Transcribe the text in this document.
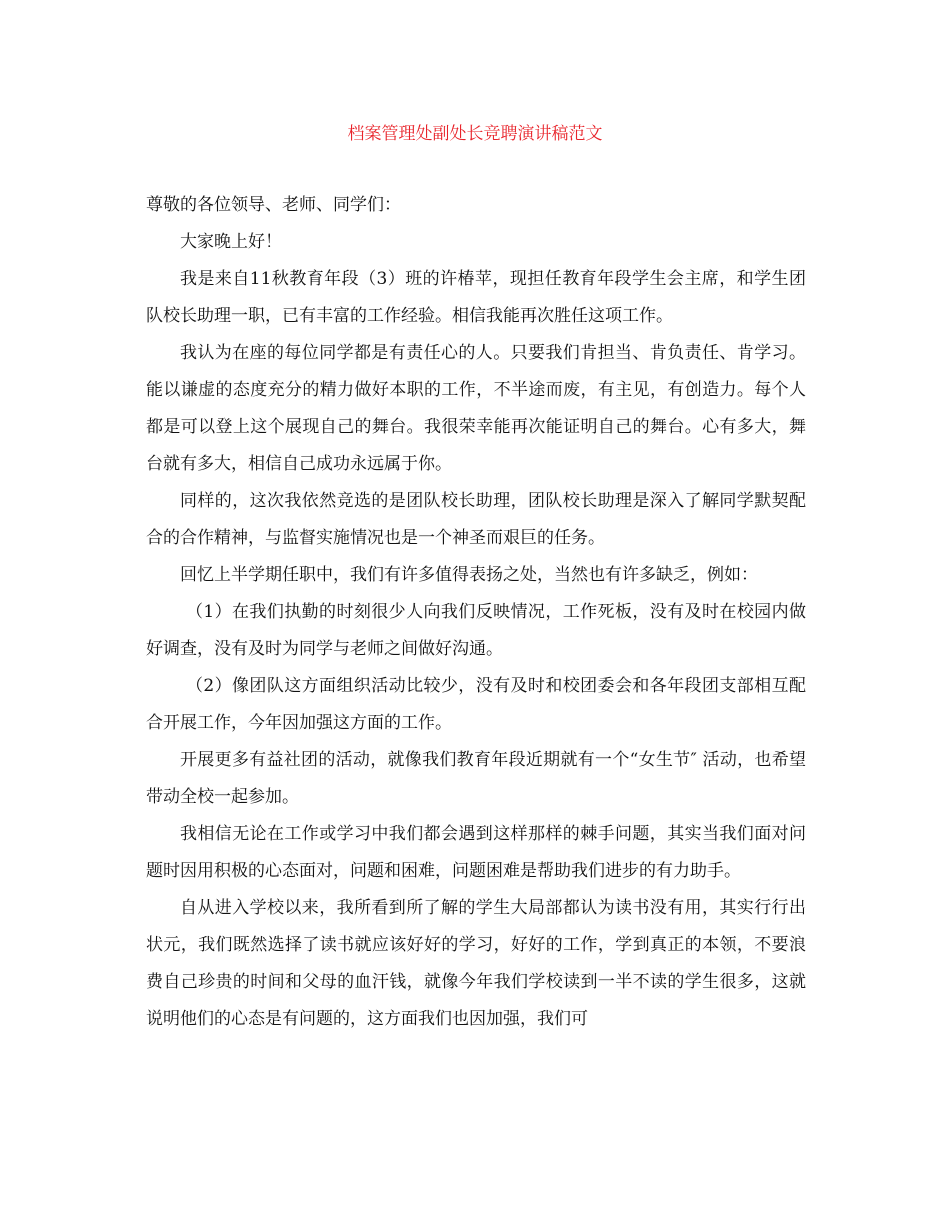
档案管理处副处长竞聘演讲稿范文

尊敬的各位领导、老师、同学们：

大家晚上好！

我是来自11秋教育年段（3）班的许椿苹，现担任教育年段学生会主席，和学生团队校长助理一职，已有丰富的工作经验。相信我能再次胜任这项工作。

我认为在座的每位同学都是有责任心的人。只要我们肯担当、肯负责任、肯学习。能以谦虚的态度充分的精力做好本职的工作，不半途而废，有主见，有创造力。每个人都是可以登上这个展现自己的舞台。我很荣幸能再次能证明自己的舞台。心有多大，舞台就有多大，相信自己成功永远属于你。

同样的，这次我依然竞选的是团队校长助理，团队校长助理是深入了解同学默契配合的合作精神，与监督实施情况也是一个神圣而艰巨的任务。

回忆上半学期任职中，我们有许多值得表扬之处，当然也有许多缺乏，例如：

（1）在我们执勤的时刻很少人向我们反映情况，工作死板，没有及时在校园内做好调查，没有及时为同学与老师之间做好沟通。

（2）像团队这方面组织活动比较少，没有及时和校团委会和各年段团支部相互配合开展工作，今年因加强这方面的工作。

开展更多有益社团的活动，就像我们教育年段近期就有一个“女生节″ 活动，也希望带动全校一起参加。

我相信无论在工作或学习中我们都会遇到这样那样的棘手问题，其实当我们面对问题时因用积极的心态面对，问题和困难，问题困难是帮助我们进步的有力助手。

自从进入学校以来，我所看到所了解的学生大局部都认为读书没有用，其实行行出状元，我们既然选择了读书就应该好好的学习，好好的工作，学到真正的本领，不要浪费自己珍贵的时间和父母的血汗钱，就像今年我们学校读到一半不读的学生很多，这就说明他们的心态是有问题的，这方面我们也因加强，我们可
